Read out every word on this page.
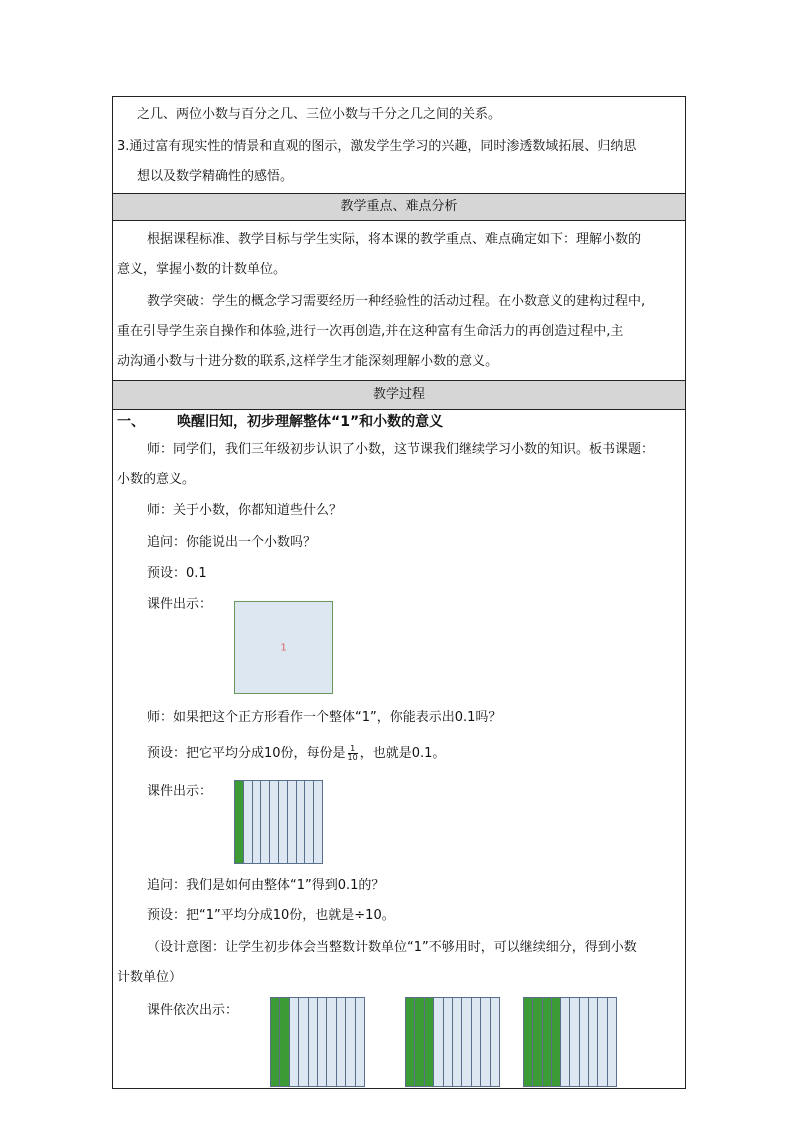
之几、两位小数与百分之几、三位小数与千分之几之间的关系。
3.通过富有现实性的情景和直观的图示，激发学生学习的兴趣，同时渗透数域拓展、归纳思
想以及数学精确性的感悟。
教学重点、难点分析
根据课程标准、教学目标与学生实际，将本课的教学重点、难点确定如下：理解小数的
意义，掌握小数的计数单位。
教学突破：学生的概念学习需要经历一种经验性的活动过程。在小数意义的建构过程中,
重在引导学生亲自操作和体验,进行一次再创造,并在这种富有生命活力的再创造过程中,主
动沟通小数与十进分数的联系,这样学生才能深刻理解小数的意义。
教学过程
一、 唤醒旧知，初步理解整体“1”和小数的意义
师：同学们，我们三年级初步认识了小数，这节课我们继续学习小数的知识。板书课题：
小数的意义。
师：关于小数，你都知道些什么？
追问：你能说出一个小数吗？
预设：0.1
课件出示：
1
师：如果把这个正方形看作一个整体“1”，你能表示出0.1吗？
预设：把它平均分成10份，每份是 $\frac{1}{10}$ ，也就是0.1。
课件出示：
追问：我们是如何由整体“1”得到0.1的？
预设：把“1”平均分成10份，也就是÷10。
（设计意图：让学生初步体会当整数计数单位“1”不够用时，可以继续细分，得到小数
计数单位）
课件依次出示：
